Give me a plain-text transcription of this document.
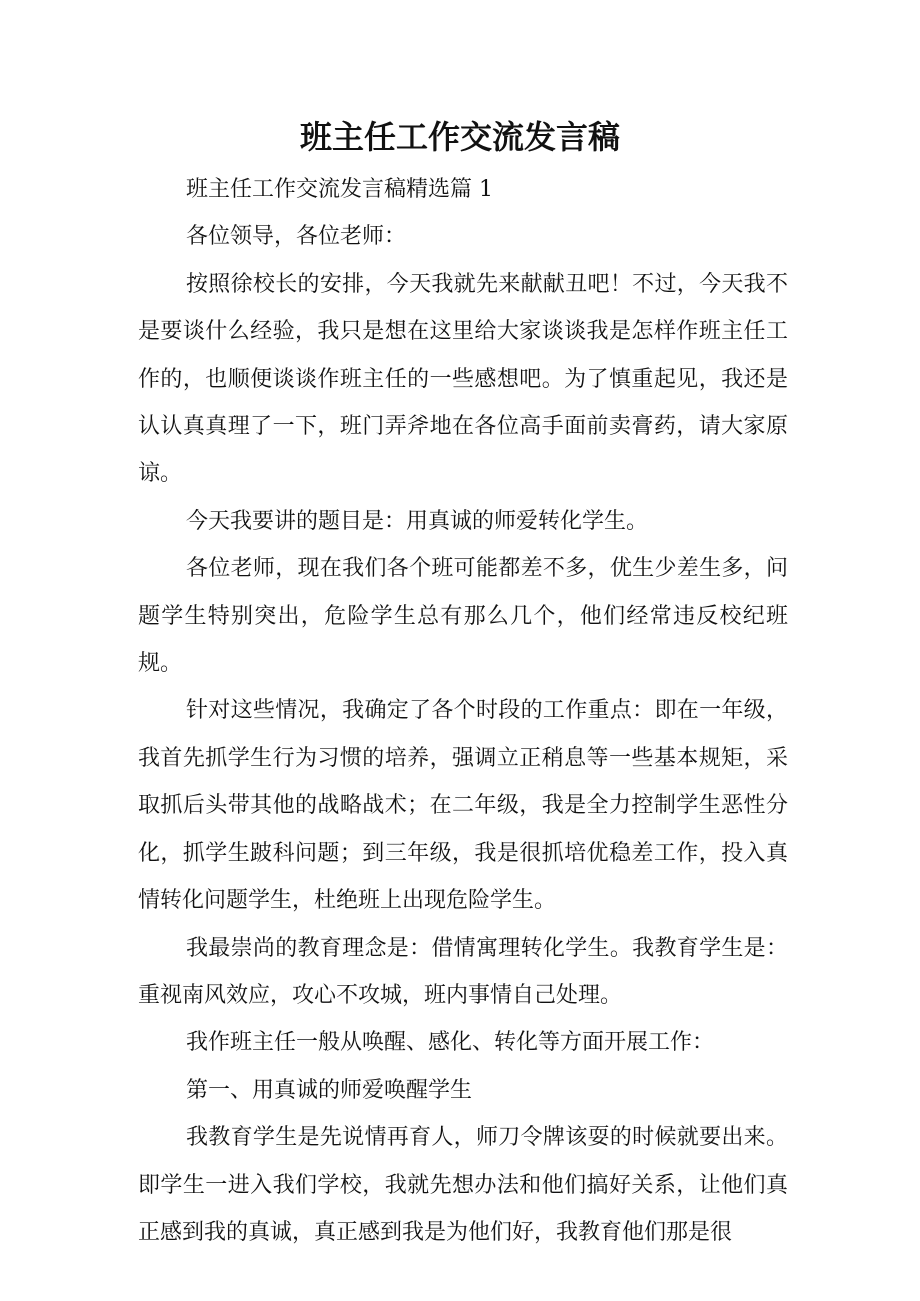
班主任工作交流发言稿

班主任工作交流发言稿精选篇 1

各位领导，各位老师：

按照徐校长的安排，今天我就先来献献丑吧！不过，今天我不是要谈什么经验，我只是想在这里给大家谈谈我是怎样作班主任工作的，也顺便谈谈作班主任的一些感想吧。为了慎重起见，我还是认认真真理了一下，班门弄斧地在各位高手面前卖膏药，请大家原谅。

今天我要讲的题目是：用真诚的师爱转化学生。

各位老师，现在我们各个班可能都差不多，优生少差生多，问题学生特别突出，危险学生总有那么几个，他们经常违反校纪班规。

针对这些情况，我确定了各个时段的工作重点：即在一年级，我首先抓学生行为习惯的培养，强调立正稍息等一些基本规矩，采取抓后头带其他的战略战术；在二年级，我是全力控制学生恶性分化，抓学生跛科问题；到三年级，我是很抓培优稳差工作，投入真情转化问题学生，杜绝班上出现危险学生。

我最崇尚的教育理念是：借情寓理转化学生。我教育学生是：重视南风效应，攻心不攻城，班内事情自己处理。

我作班主任一般从唤醒、感化、转化等方面开展工作：

第一、用真诚的师爱唤醒学生

我教育学生是先说情再育人，师刀令牌该耍的时候就要出来。即学生一进入我们学校，我就先想办法和他们搞好关系，让他们真正感到我的真诚，真正感到我是为他们好，我教育他们那是很
